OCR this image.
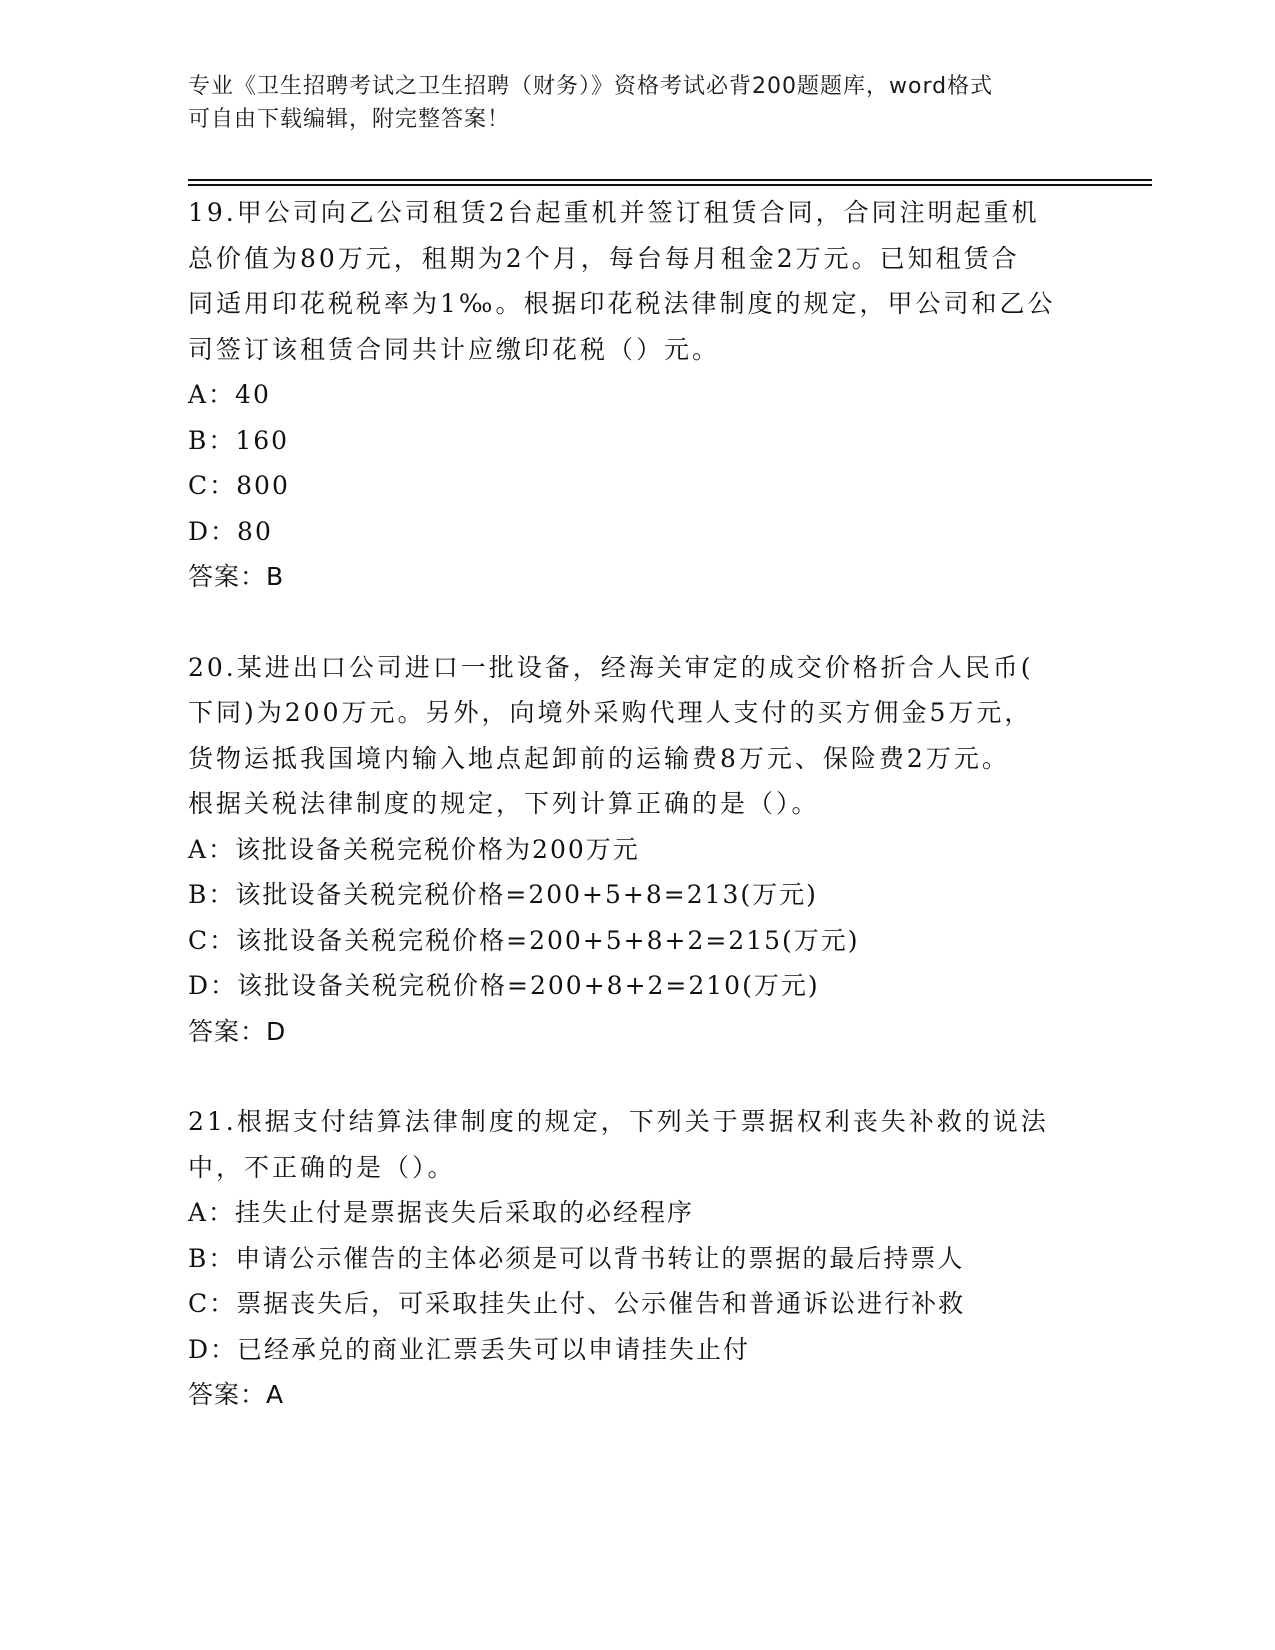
专业《卫生招聘考试之卫生招聘（财务）》资格考试必背200题题库，word格式
可自由下载编辑，附完整答案！
19.甲公司向乙公司租赁2台起重机并签订租赁合同，合同注明起重机
总价值为80万元，租期为2个月，每台每月租金2万元。已知租赁合
同适用印花税税率为1‰。根据印花税法律制度的规定，甲公司和乙公
司签订该租赁合同共计应缴印花税（）元。
A：40
B：160
C：800
D：80
答案：B
20.某进出口公司进口一批设备，经海关审定的成交价格折合人民币(
下同)为200万元。另外，向境外采购代理人支付的买方佣金5万元，
货物运抵我国境内输入地点起卸前的运输费8万元、保险费2万元。
根据关税法律制度的规定，下列计算正确的是（）。
A：该批设备关税完税价格为200万元
B：该批设备关税完税价格=200+5+8=213(万元)
C：该批设备关税完税价格=200+5+8+2=215(万元)
D：该批设备关税完税价格=200+8+2=210(万元)
答案：D
21.根据支付结算法律制度的规定，下列关于票据权利丧失补救的说法
中，不正确的是（）。
A：挂失止付是票据丧失后采取的必经程序
B：申请公示催告的主体必须是可以背书转让的票据的最后持票人
C：票据丧失后，可采取挂失止付、公示催告和普通诉讼进行补救
D：已经承兑的商业汇票丢失可以申请挂失止付
答案：A
